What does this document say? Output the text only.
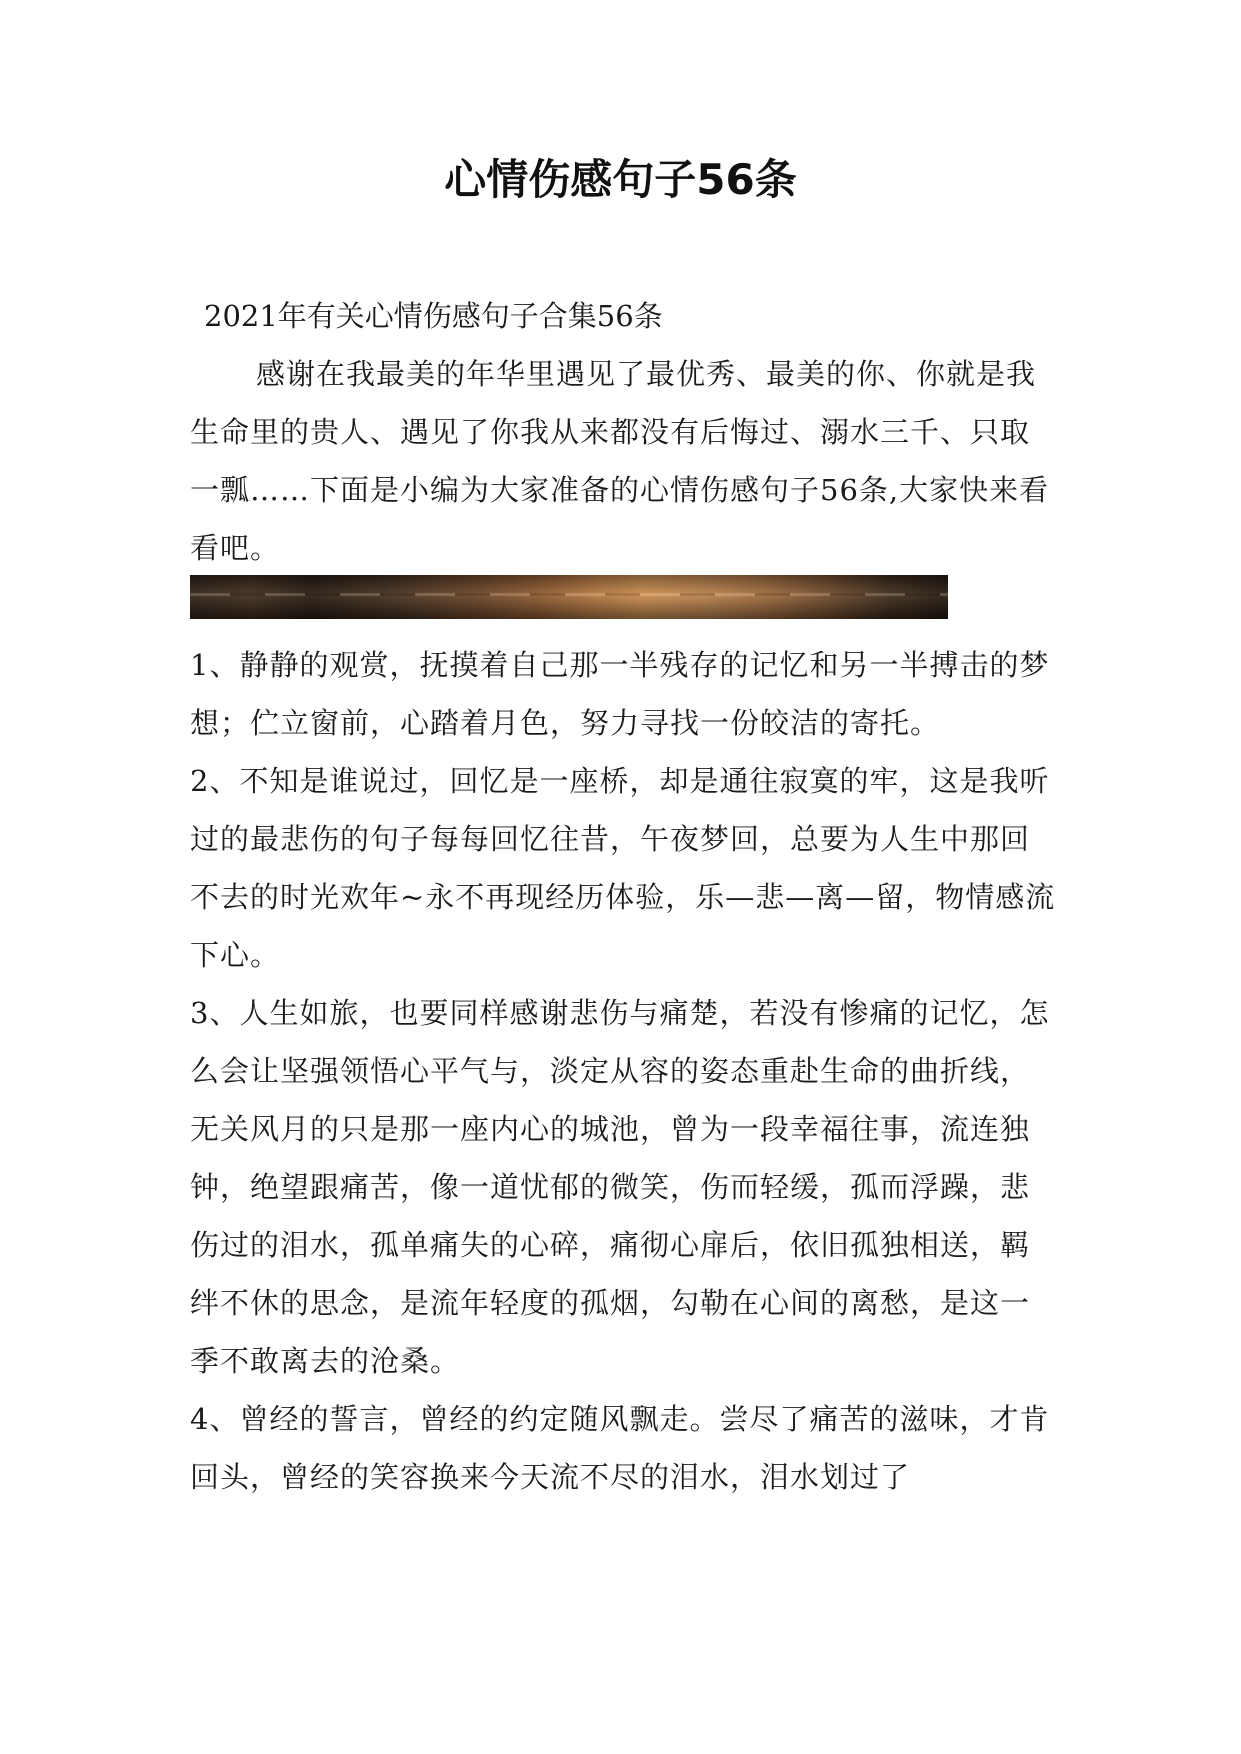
心情伤感句子56条

2021年有关心情伤感句子合集56条

感谢在我最美的年华里遇见了最优秀、最美的你、你就是我生命里的贵人、遇见了你我从来都没有后悔过、溺水三千、只取一瓢……下面是小编为大家准备的心情伤感句子56条,大家快来看看吧。

1、静静的观赏，抚摸着自己那一半残存的记忆和另一半搏击的梦想；伫立窗前，心踏着月色，努力寻找一份皎洁的寄托。
2、不知是谁说过，回忆是一座桥，却是通往寂寞的牢，这是我听过的最悲伤的句子每每回忆往昔，午夜梦回，总要为人生中那回不去的时光欢年~永不再现经历体验，乐—悲—离—留，物情感流下心。
3、人生如旅，也要同样感谢悲伤与痛楚，若没有惨痛的记忆，怎么会让坚强领悟心平气与，淡定从容的姿态重赴生命的曲折线，无关风月的只是那一座内心的城池，曾为一段幸福往事，流连独钟，绝望跟痛苦，像一道忧郁的微笑，伤而轻缓，孤而浮躁，悲伤过的泪水，孤单痛失的心碎，痛彻心扉后，依旧孤独相送，羁绊不休的思念，是流年轻度的孤烟，勾勒在心间的离愁，是这一季不敢离去的沧桑。
4、曾经的誓言，曾经的约定随风飘走。尝尽了痛苦的滋味，才肯回头，曾经的笑容换来今天流不尽的泪水，泪水划过了
